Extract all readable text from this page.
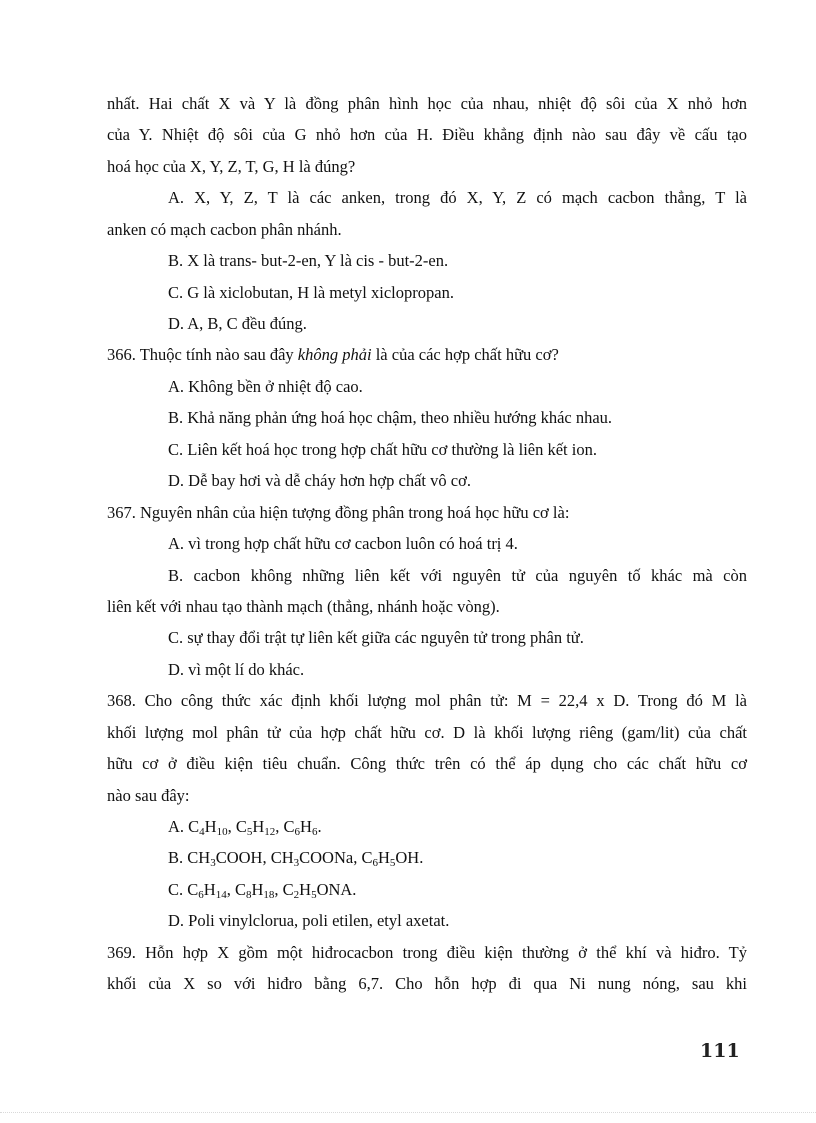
nhất. Hai chất X và Y là đồng phân hình học của nhau, nhiệt độ sôi của X nhỏ hơn
của Y. Nhiệt độ sôi của G nhỏ hơn của H. Điều khẳng định nào sau đây về cấu tạo
hoá học của X, Y, Z, T, G, H là đúng?
A. X, Y, Z, T là các anken, trong đó X, Y, Z có mạch cacbon thẳng, T là
anken có mạch cacbon phân nhánh.
B. X là trans- but-2-en, Y là cis - but-2-en.
C. G là xiclobutan, H là metyl xiclopropan.
D. A, B, C đều đúng.
366. Thuộc tính nào sau đây không phải là của các hợp chất hữu cơ?
A. Không bền ở nhiệt độ cao.
B. Khả năng phản ứng hoá học chậm, theo nhiều hướng khác nhau.
C. Liên kết hoá học trong hợp chất hữu cơ thường là liên kết ion.
D. Dễ bay hơi và dễ cháy hơn hợp chất vô cơ.
367. Nguyên nhân của hiện tượng đồng phân trong hoá học hữu cơ là:
A. vì trong hợp chất hữu cơ cacbon luôn có hoá trị 4.
B. cacbon không những liên kết với nguyên tử của nguyên tố khác mà còn
liên kết với nhau tạo thành mạch (thẳng, nhánh hoặc vòng).
C. sự thay đổi trật tự liên kết giữa các nguyên tử trong phân tử.
D. vì một lí do khác.
368. Cho công thức xác định khối lượng mol phân tử: M = 22,4 x D. Trong đó M là
khối lượng mol phân tử của hợp chất hữu cơ. D là khối lượng riêng (gam/lit) của chất
hữu cơ ở điều kiện tiêu chuẩn. Công thức trên có thể áp dụng cho các chất hữu cơ
nào sau đây:
A. $C_4H_{10}$, $C_5H_{12}$, $C_6H_6$.
B. $CH_3COOH$, $CH_3COONa$, $C_6H_5OH$.
C. $C_6H_{14}$, $C_8H_{18}$, $C_2H_5ONA$.
D. Poli vinylclorua, poli etilen, etyl axetat.
369. Hỗn hợp X gồm một hiđrocacbon trong điều kiện thường ở thể khí và hiđro. Tỷ
khối của X so với hiđro bằng 6,7. Cho hỗn hợp đi qua Ni nung nóng, sau khi
111
